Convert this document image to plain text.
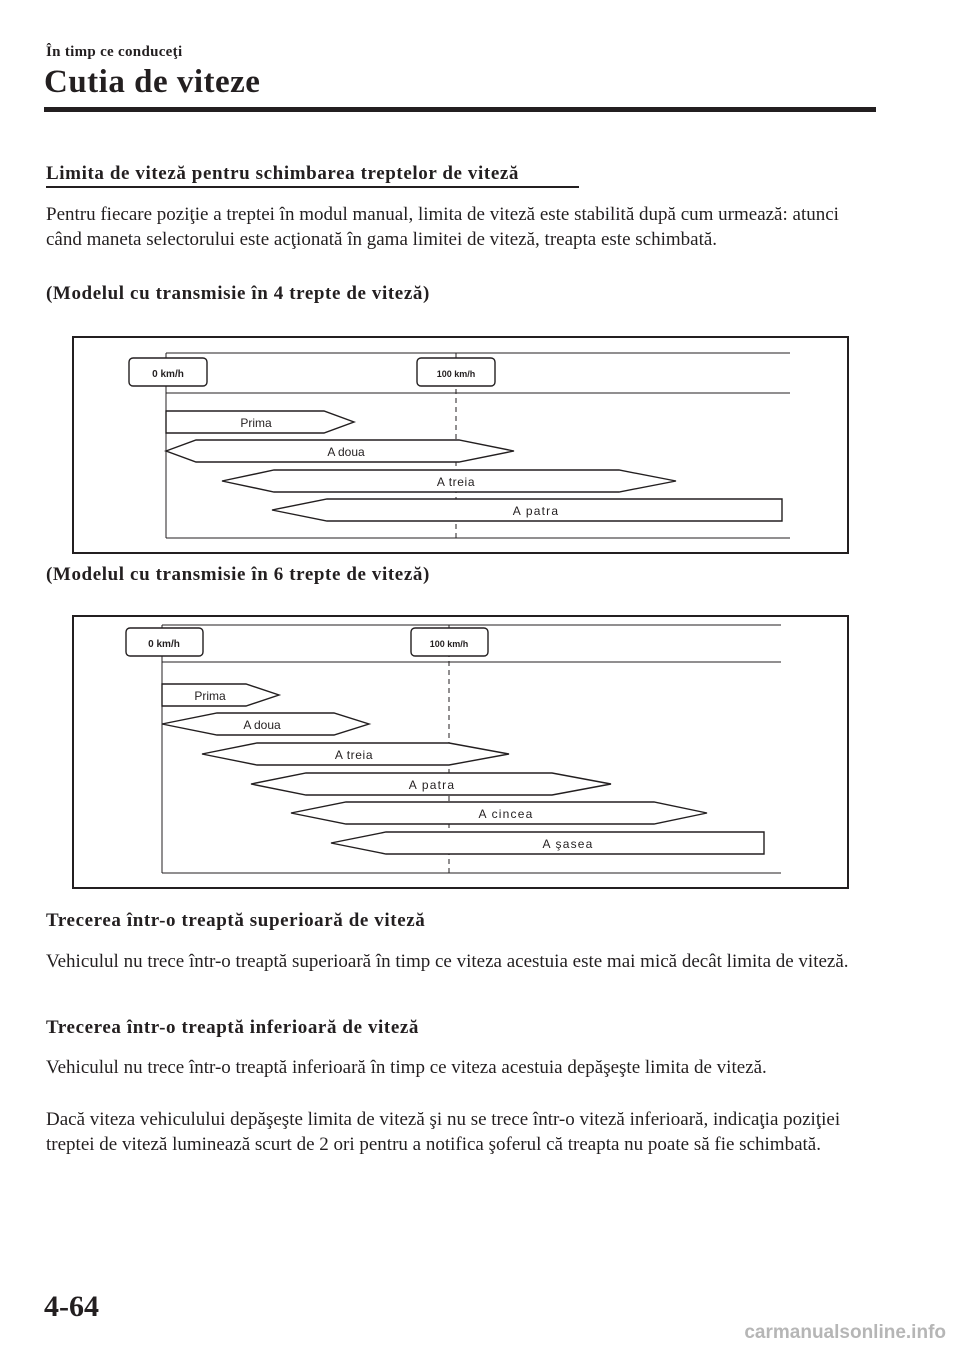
În timp ce conduceţi
Cutia de viteze
Limita de viteză pentru schimbarea treptelor de viteză
Pentru fiecare poziţie a treptei în modul manual, limita de viteză este stabilită după cum urmează: atunci când maneta selectorului este acţionată în gama limitei de viteză, treapta este schimbată.
(Modelul cu transmisie în 4 trepte de viteză)
0 km/h	100 km/h
Prima
A doua
A treia
A patra
(Modelul cu transmisie în 6 trepte de viteză)
0 km/h	100 km/h
Prima
A doua
A treia
A patra
A cincea
A şasea
Trecerea într-o treaptă superioară de viteză
Vehiculul nu trece într-o treaptă superioară în timp ce viteza acestuia este mai mică decât limita de viteză.
Trecerea într-o treaptă inferioară de viteză
Vehiculul nu trece într-o treaptă inferioară în timp ce viteza acestuia depăşeşte limita de viteză.
Dacă viteza vehiculului depăşeşte limita de viteză şi nu se trece într-o viteză inferioară, indicaţia poziţiei treptei de viteză luminează scurt de 2 ori pentru a notifica şoferul că treapta nu poate să fie schimbată.
4-64
carmanualsonline.info
